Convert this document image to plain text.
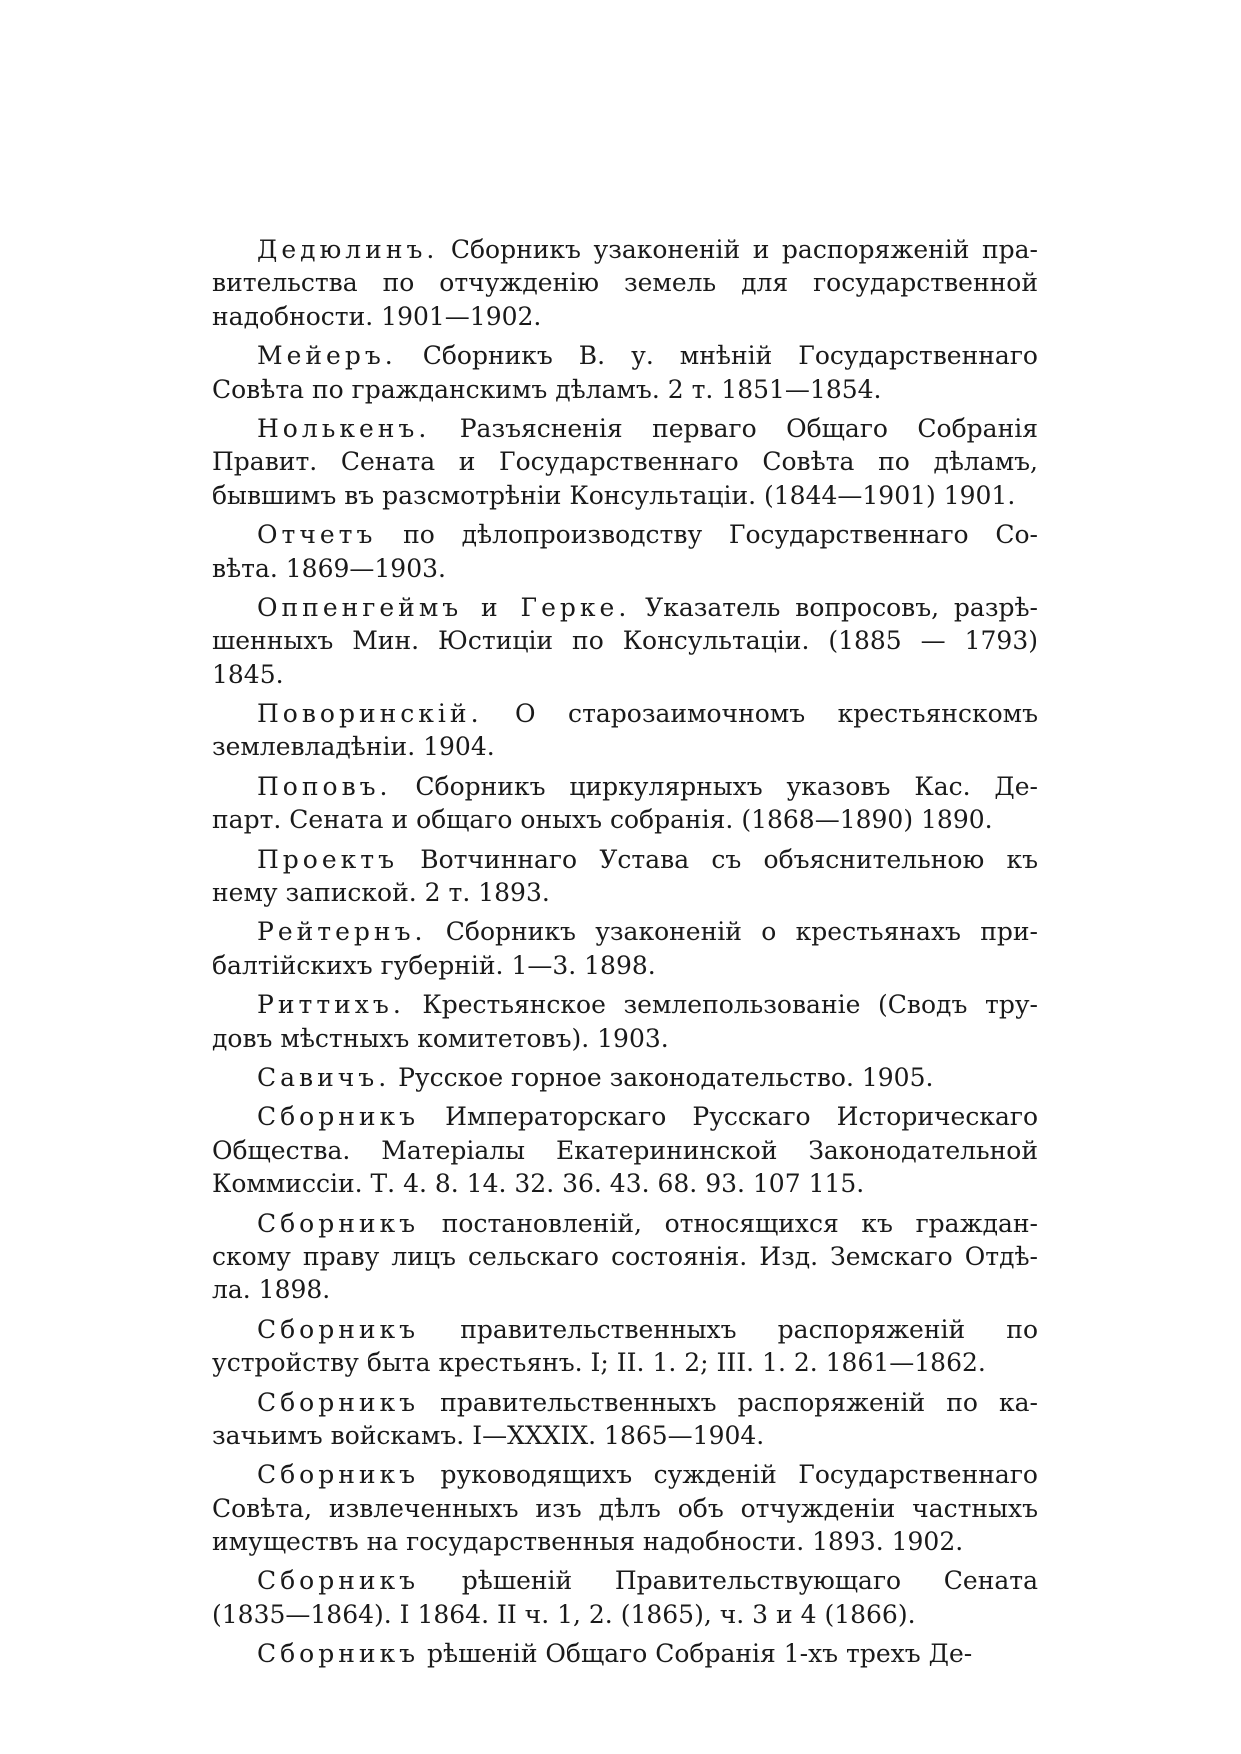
Дедюлинъ. Сборникъ узаконеній и распоряженій пра-
вительства по отчужденію земель для государственной
надобности. 1901—1902.
Мейеръ. Сборникъ В. у. мнѣній Государственнаго
Совѣта по гражданскимъ дѣламъ. 2 т. 1851—1854.
Нолькенъ. Разъясненія перваго Общаго Собранія
Правит. Сената и Государственнаго Совѣта по дѣламъ,
бывшимъ въ разсмотрѣніи Консультаціи. (1844—1901) 1901.
Отчетъ по дѣлопроизводству Государственнаго Со-
вѣта. 1869—1903.
Оппенгеймъ и Герке. Указатель вопросовъ, разрѣ-
шенныхъ Мин. Юстиціи по Консультаціи. (1885 — 1793)
1845.
Поворинскій. О старозаимочномъ крестьянскомъ
землевладѣніи. 1904.
Поповъ. Сборникъ циркулярныхъ указовъ Кас. Де-
парт. Сената и общаго оныхъ собранія. (1868—1890) 1890.
Проектъ Вотчиннаго Устава съ объяснительною къ
нему запиской. 2 т. 1893.
Рейтернъ. Сборникъ узаконеній о крестьянахъ при-
балтійскихъ губерній. 1—3. 1898.
Риттихъ. Крестьянское землепользованіе (Сводъ тру-
довъ мѣстныхъ комитетовъ). 1903.
Савичъ. Русское горное законодательство. 1905.
Сборникъ Императорскаго Русскаго Историческаго
Общества. Матеріалы Екатерининской Законодательной
Коммиссіи. Т. 4. 8. 14. 32. 36. 43. 68. 93. 107 115.
Сборникъ постановленій, относящихся къ граждан-
скому праву лицъ сельскаго состоянія. Изд. Земскаго Отдѣ-
ла. 1898.
Сборникъ правительственныхъ распоряженій по
устройству быта крестьянъ. I; II. 1. 2; III. 1. 2. 1861—1862.
Сборникъ правительственныхъ распоряженій по ка-
зачьимъ войскамъ. I—XXXIX. 1865—1904.
Сборникъ руководящихъ сужденій Государственнаго
Совѣта, извлеченныхъ изъ дѣлъ объ отчужденіи частныхъ
имуществъ на государственныя надобности. 1893. 1902.
Сборникъ рѣшеній Правительствующаго Сената
(1835—1864). I 1864. II ч. 1, 2. (1865), ч. 3 и 4 (1866).
Сборникъ рѣшеній Общаго Собранія 1-хъ трехъ Де-
